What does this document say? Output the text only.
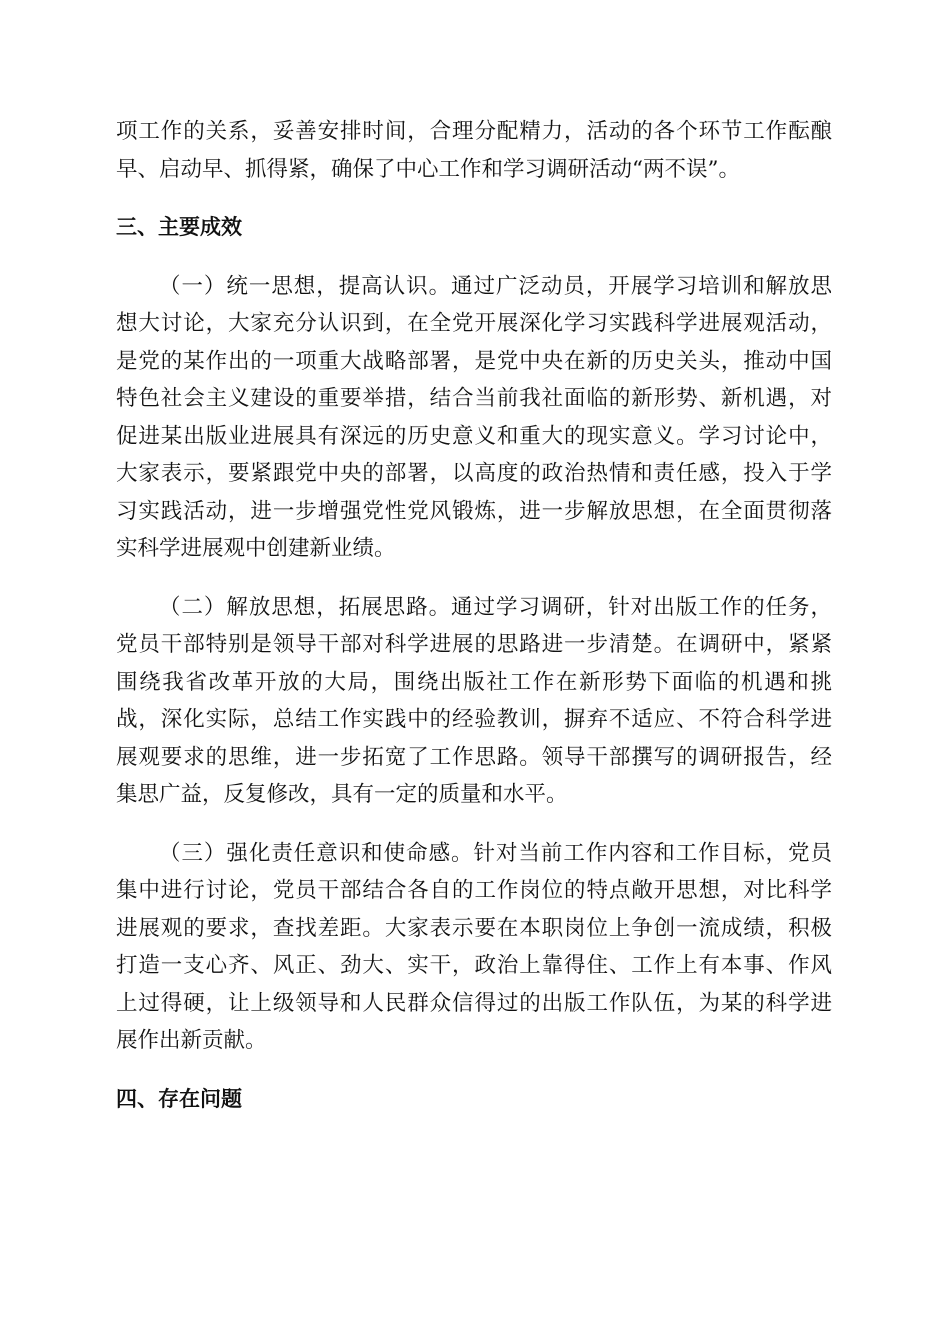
项工作的关系，妥善安排时间，合理分配精力，活动的各个环节工作酝酿
早、启动早、抓得紧，确保了中心工作和学习调研活动“两不误”。
三、主要成效
（一）统一思想，提高认识。通过广泛动员，开展学习培训和解放思
想大讨论，大家充分认识到，在全党开展深化学习实践科学进展观活动，
是党的某作出的一项重大战略部署，是党中央在新的历史关头，推动中国
特色社会主义建设的重要举措，结合当前我社面临的新形势、新机遇，对
促进某出版业进展具有深远的历史意义和重大的现实意义。学习讨论中，
大家表示，要紧跟党中央的部署，以高度的政治热情和责任感，投入于学
习实践活动，进一步增强党性党风锻炼，进一步解放思想，在全面贯彻落
实科学进展观中创建新业绩。
（二）解放思想，拓展思路。通过学习调研，针对出版工作的任务，
党员干部特别是领导干部对科学进展的思路进一步清楚。在调研中，紧紧
围绕我省改革开放的大局，围绕出版社工作在新形势下面临的机遇和挑
战，深化实际，总结工作实践中的经验教训，摒弃不适应、不符合科学进
展观要求的思维，进一步拓宽了工作思路。领导干部撰写的调研报告，经
集思广益，反复修改，具有一定的质量和水平。
（三）强化责任意识和使命感。针对当前工作内容和工作目标，党员
集中进行讨论，党员干部结合各自的工作岗位的特点敞开思想，对比科学
进展观的要求，查找差距。大家表示要在本职岗位上争创一流成绩，积极
打造一支心齐、风正、劲大、实干，政治上靠得住、工作上有本事、作风
上过得硬，让上级领导和人民群众信得过的出版工作队伍，为某的科学进
展作出新贡献。
四、存在问题
